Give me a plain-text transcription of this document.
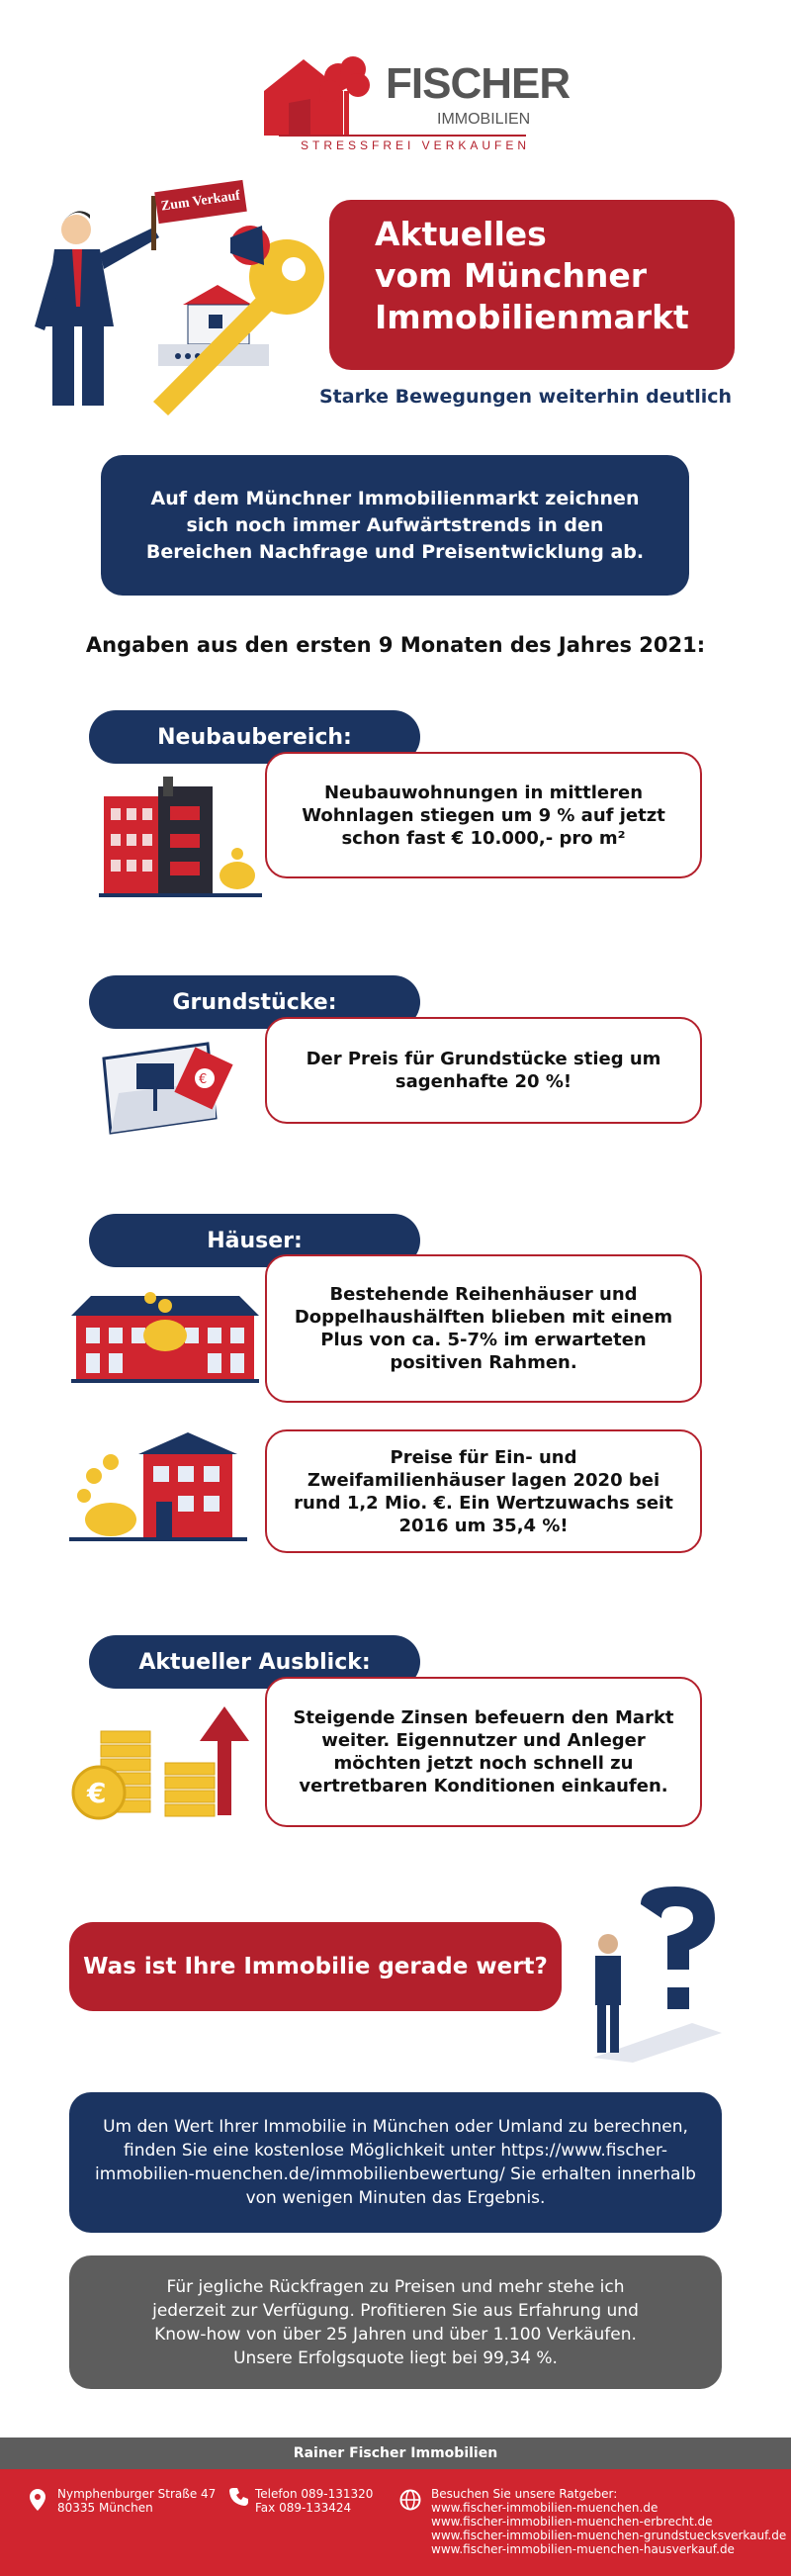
FISCHER
IMMOBILIEN
STRESSFREI VERKAUFEN
Zum Verkauf
Aktuelles
vom Münchner
Immobilienmarkt
Starke Bewegungen weiterhin deutlich
Auf dem Münchner Immobilienmarkt zeichnen sich noch immer Aufwärtstrends in den Bereichen Nachfrage und Preisentwicklung ab.
Angaben aus den ersten 9 Monaten des Jahres 2021:
Neubaubereich:
Neubauwohnungen in mittleren Wohnlagen stiegen um 9 % auf jetzt schon fast € 10.000,- pro m²
Grundstücke:
€
Der Preis für Grundstücke stieg um sagenhafte 20 %!
Häuser:
Bestehende Reihenhäuser und Doppelhaushälften blieben mit einem Plus von ca. 5-7% im erwarteten positiven Rahmen.
Preise für Ein- und Zweifamilienhäuser lagen 2020 bei rund 1,2 Mio. €. Ein Wertzuwachs seit 2016 um 35,4 %!
Aktueller Ausblick:
€
Steigende Zinsen befeuern den Markt weiter. Eigennutzer und Anleger möchten jetzt noch schnell zu vertretbaren Konditionen einkaufen.
Was ist Ihre Immobilie gerade wert?
Um den Wert Ihrer Immobilie in München oder Umland zu berechnen, finden Sie eine kostenlose Möglichkeit unter https://www.fischer-immobilien-muenchen.de/immobilienbewertung/ Sie erhalten innerhalb von wenigen Minuten das Ergebnis.
Für jegliche Rückfragen zu Preisen und mehr stehe ich jederzeit zur Verfügung. Profitieren Sie aus Erfahrung und Know-how von über 25 Jahren und über 1.100 Verkäufen. Unsere Erfolgsquote liegt bei 99,34 %.
Rainer Fischer Immobilien
Nymphenburger Straße 47
80335 München
Telefon 089-131320
Fax 089-133424
Besuchen Sie unsere Ratgeber:
www.fischer-immobilien-muenchen.de
www.fischer-immobilien-muenchen-erbrecht.de
www.fischer-immobilien-muenchen-grundstuecksverkauf.de
www.fischer-immobilien-muenchen-hausverkauf.de
